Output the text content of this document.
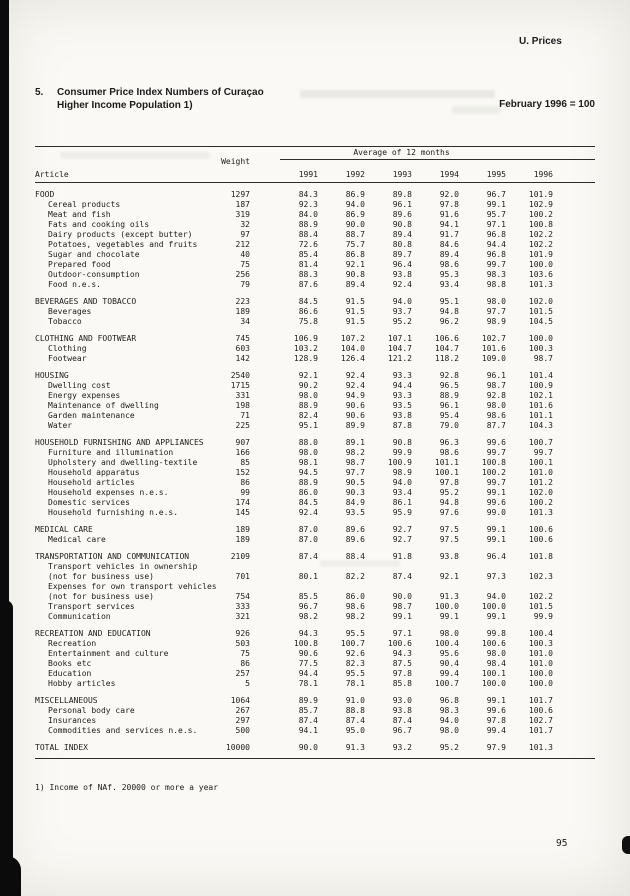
U. Prices
5.	Consumer Price Index Numbers of Curaçao
Higher Income Population 1)	February 1996 = 100
Average of 12 months
Weight
Article	1991	1992	1993	1994	1995	1996
FOOD	1297	84.3	86.9	89.8	92.0	96.7	101.9
Cereal products	187	92.3	94.0	96.1	97.8	99.1	102.9
Meat and fish	319	84.0	86.9	89.6	91.6	95.7	100.2
Fats and cooking oils	32	88.9	90.0	90.8	94.1	97.1	100.8
Dairy products (except butter)	97	88.4	88.7	89.4	91.7	96.8	102.2
Potatoes, vegetables and fruits	212	72.6	75.7	80.8	84.6	94.4	102.2
Sugar and chocolate	40	85.4	86.8	89.7	89.4	96.8	101.9
Prepared food	75	81.4	92.1	96.4	98.6	99.7	100.0
Outdoor-consumption	256	88.3	90.8	93.8	95.3	98.3	103.6
Food n.e.s.	79	87.6	89.4	92.4	93.4	98.8	101.3
BEVERAGES AND TOBACCO	223	84.5	91.5	94.0	95.1	98.0	102.0
Beverages	189	86.6	91.5	93.7	94.8	97.7	101.5
Tobacco	34	75.8	91.5	95.2	96.2	98.9	104.5
CLOTHING AND FOOTWEAR	745	106.9	107.2	107.1	106.6	102.7	100.0
Clothing	603	103.2	104.0	104.7	104.7	101.6	100.3
Footwear	142	128.9	126.4	121.2	118.2	109.0	98.7
HOUSING	2540	92.1	92.4	93.3	92.8	96.1	101.4
Dwelling cost	1715	90.2	92.4	94.4	96.5	98.7	100.9
Energy expenses	331	98.0	94.9	93.3	88.9	92.8	102.1
Maintenance of dwelling	198	88.9	90.6	93.5	96.1	98.0	101.6
Garden maintenance	71	82.4	90.6	93.8	95.4	98.6	101.1
Water	225	95.1	89.9	87.8	79.0	87.7	104.3
HOUSEHOLD FURNISHING AND APPLIANCES	907	88.0	89.1	90.8	96.3	99.6	100.7
Furniture and illumination	166	98.0	98.2	99.9	98.6	99.7	99.7
Upholstery and dwelling-textile	85	98.1	98.7	100.9	101.1	100.8	100.1
Household apparatus	152	94.5	97.7	98.9	100.1	100.2	101.0
Household articles	86	88.9	90.5	94.0	97.8	99.7	101.2
Household expenses n.e.s.	99	86.0	90.3	93.4	95.2	99.1	102.0
Domestic services	174	84.5	84.9	86.1	94.8	99.6	100.2
Household furnishing n.e.s.	145	92.4	93.5	95.9	97.6	99.0	101.3
MEDICAL CARE	189	87.0	89.6	92.7	97.5	99.1	100.6
Medical care	189	87.0	89.6	92.7	97.5	99.1	100.6
TRANSPORTATION AND COMMUNICATION	2109	87.4	88.4	91.8	93.8	96.4	101.8
Transport vehicles in ownership
(not for business use)	701	80.1	82.2	87.4	92.1	97.3	102.3
Expenses for own transport vehicles
(not for business use)	754	85.5	86.0	90.0	91.3	94.0	102.2
Transport services	333	96.7	98.6	98.7	100.0	100.0	101.5
Communication	321	98.2	98.2	99.1	99.1	99.1	99.9
RECREATION AND EDUCATION	926	94.3	95.5	97.1	98.0	99.8	100.4
Recreation	503	100.8	100.7	100.6	100.4	100.6	100.3
Entertainment and culture	75	90.6	92.6	94.3	95.6	98.0	101.0
Books etc	86	77.5	82.3	87.5	90.4	98.4	101.0
Education	257	94.4	95.5	97.8	99.4	100.1	100.0
Hobby articles	5	78.1	78.1	85.8	100.7	100.0	100.0
MISCELLANEOUS	1064	89.9	91.0	93.0	96.8	99.1	101.7
Personal body care	267	85.7	88.8	93.8	98.3	99.6	100.6
Insurances	297	87.4	87.4	87.4	94.0	97.8	102.7
Commodities and services n.e.s.	500	94.1	95.0	96.7	98.0	99.4	101.7
TOTAL INDEX	10000	90.0	91.3	93.2	95.2	97.9	101.3
1) Income of NAf. 20000 or more a year
95
